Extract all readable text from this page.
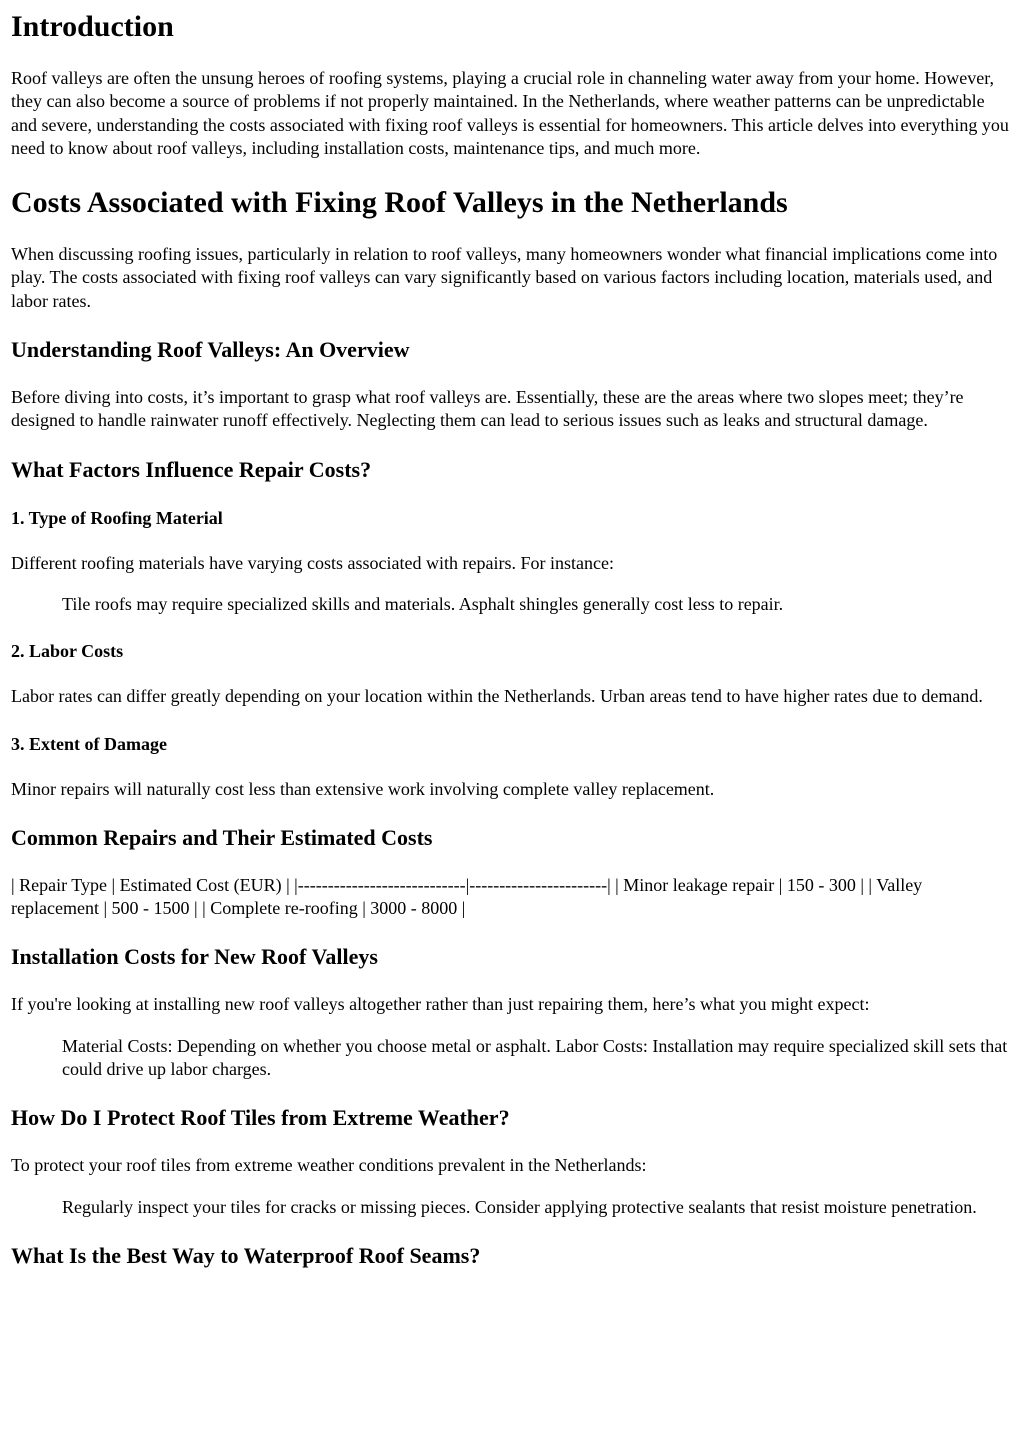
Introduction

Roof valleys are often the unsung heroes of roofing systems, playing a crucial role in channeling water away from your home. However, they can also become a source of problems if not properly maintained. In the Netherlands, where weather patterns can be unpredictable and severe, understanding the costs associated with fixing roof valleys is essential for homeowners. This article delves into everything you need to know about roof valleys, including installation costs, maintenance tips, and much more.

Costs Associated with Fixing Roof Valleys in the Netherlands

When discussing roofing issues, particularly in relation to roof valleys, many homeowners wonder what financial implications come into play. The costs associated with fixing roof valleys can vary significantly based on various factors including location, materials used, and labor rates.

Understanding Roof Valleys: An Overview

Before diving into costs, it’s important to grasp what roof valleys are. Essentially, these are the areas where two slopes meet; they’re designed to handle rainwater runoff effectively. Neglecting them can lead to serious issues such as leaks and structural damage.

What Factors Influence Repair Costs?
1. Type of Roofing Material

Different roofing materials have varying costs associated with repairs. For instance:

Tile roofs may require specialized skills and materials. Asphalt shingles generally cost less to repair.
2. Labor Costs

Labor rates can differ greatly depending on your location within the Netherlands. Urban areas tend to have higher rates due to demand.

3. Extent of Damage

Minor repairs will naturally cost less than extensive work involving complete valley replacement.

Common Repairs and Their Estimated Costs

| Repair Type | Estimated Cost (EUR) | |----------------------------|-----------------------| | Minor leakage repair | 150 - 300 | | Valley replacement | 500 - 1500 | | Complete re-roofing | 3000 - 8000 |

Installation Costs for New Roof Valleys

If you're looking at installing new roof valleys altogether rather than just repairing them, here’s what you might expect:

Material Costs: Depending on whether you choose metal or asphalt. Labor Costs: Installation may require specialized skill sets that could drive up labor charges.
How Do I Protect Roof Tiles from Extreme Weather?

To protect your roof tiles from extreme weather conditions prevalent in the Netherlands:

Regularly inspect your tiles for cracks or missing pieces. Consider applying protective sealants that resist moisture penetration.
What Is the Best Way to Waterproof Roof Seams?
